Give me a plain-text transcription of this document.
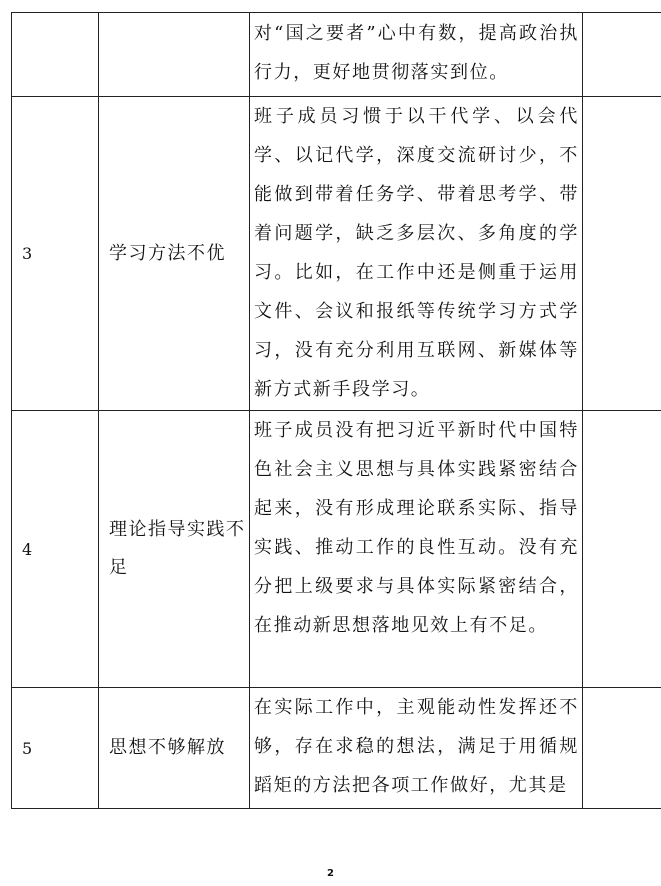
		对“国之要者”心中有数，提高政治执行力，更好地贯彻落实到位。	
3	学习方法不优	班子成员习惯于以干代学、以会代学、以记代学，深度交流研讨少，不能做到带着任务学、带着思考学、带着问题学，缺乏多层次、多角度的学习。比如，在工作中还是侧重于运用文件、会议和报纸等传统学习方式学习，没有充分利用互联网、新媒体等新方式新手段学习。	
4	理论指导实践不足	班子成员没有把习近平新时代中国特色社会主义思想与具体实践紧密结合起来，没有形成理论联系实际、指导实践、推动工作的良性互动。没有充分把上级要求与具体实际紧密结合，在推动新思想落地见效上有不足。	
5	思想不够解放	在实际工作中，主观能动性发挥还不够，存在求稳的想法，满足于用循规蹈矩的方法把各项工作做好，尤其是	
2
